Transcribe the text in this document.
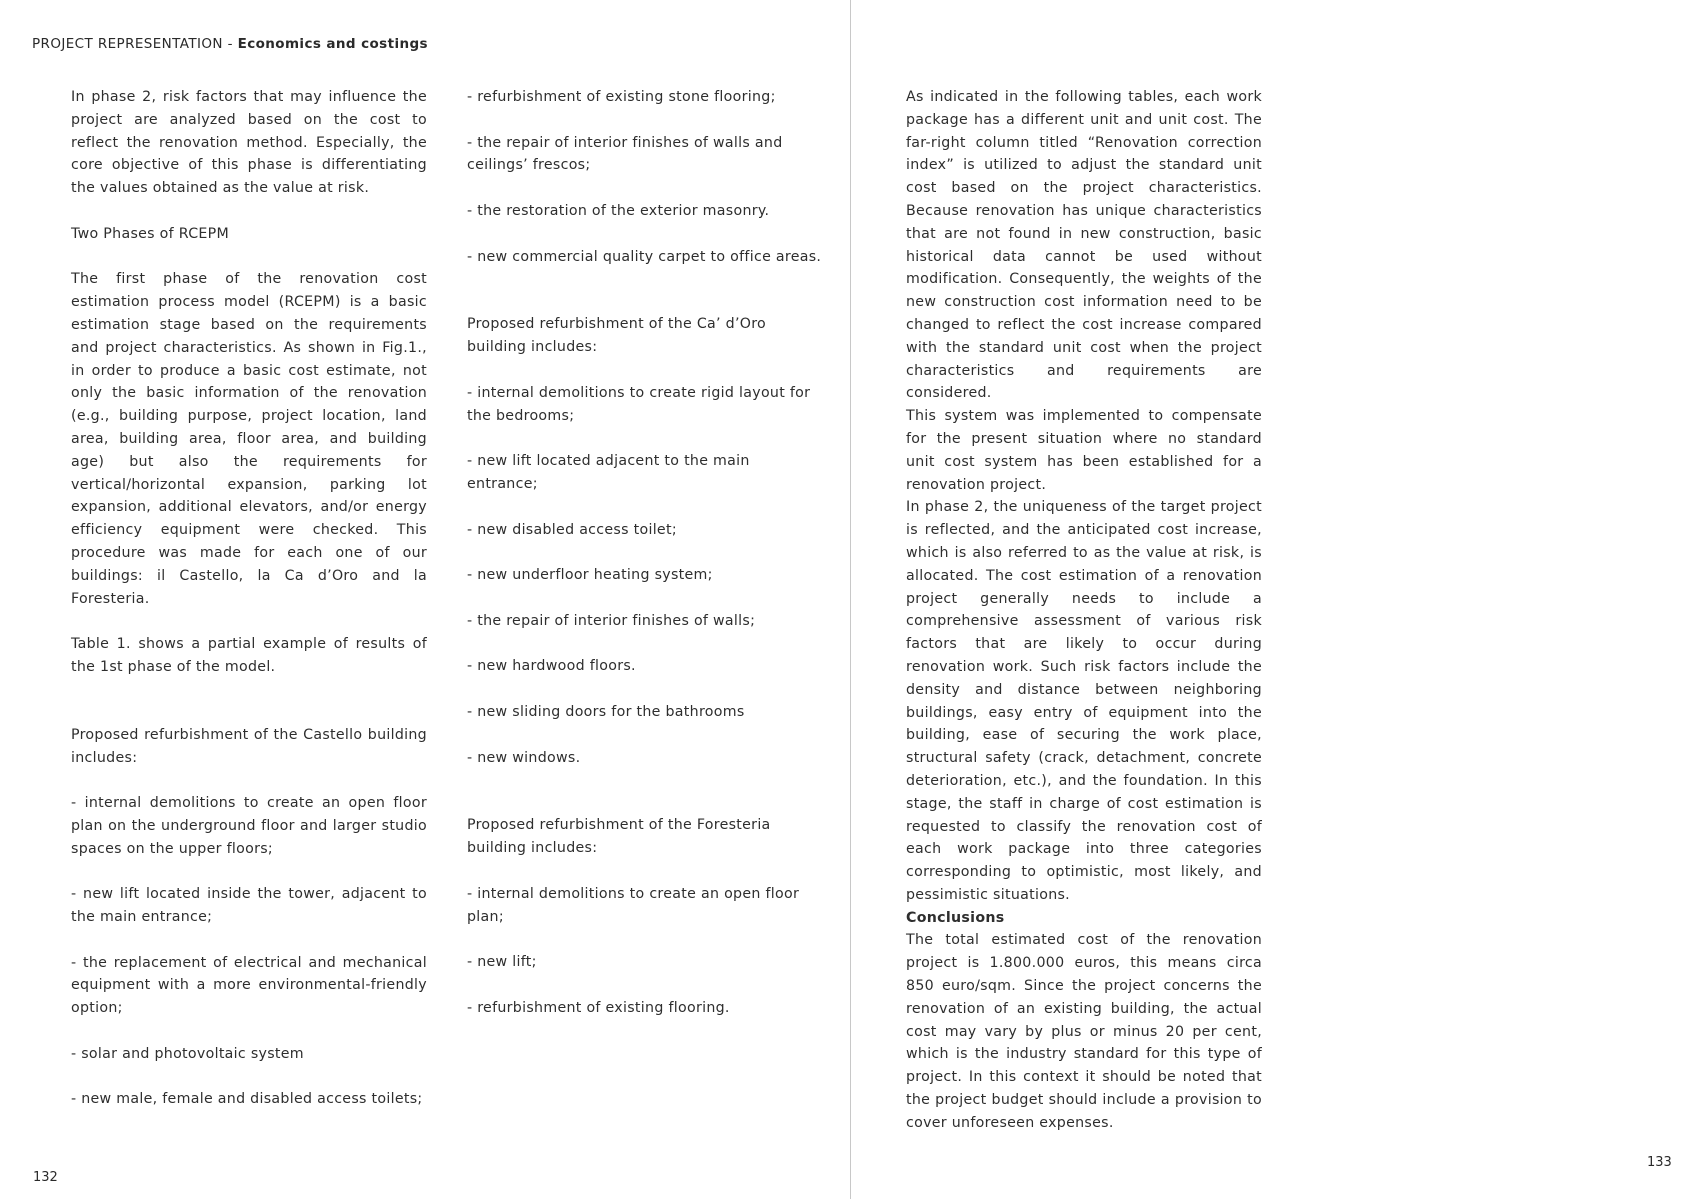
PROJECT REPRESENTATION - Economics and costings

In phase 2, risk factors that may influence the project are analyzed based on the cost to reflect the renovation method. Especially, the core objective of this phase is differentiating the values obtained as the value at risk.

Two Phases of RCEPM

The first phase of the renovation cost estimation process model (RCEPM) is a basic estimation stage based on the requirements and project characteristics. As shown in Fig.1., in order to produce a basic cost estimate, not only the basic information of the renovation (e.g., building purpose, project location, land area, building area, floor area, and building age) but also the requirements for vertical/horizontal expansion, parking lot expansion, additional elevators, and/or energy efficiency equipment were checked. This procedure was made for each one of our buildings: il Castello, la Ca d’Oro and la Foresteria.

Table 1. shows a partial example of results of the 1st phase of the model.

Proposed refurbishment of the Castello building includes:

- internal demolitions to create an open floor plan on the underground floor and larger studio spaces on the upper floors;

- new lift located inside the tower, adjacent to the main entrance;

- the replacement of electrical and mechanical equipment with a more environmental-friendly option;

- solar and photovoltaic system

- new male, female and disabled access toilets;

- refurbishment of existing stone flooring;

- the repair of interior finishes of walls and ceilings’ frescos;

- the restoration of the exterior masonry.

- new commercial quality carpet to office areas.

Proposed refurbishment of the Ca’ d’Oro building includes:

- internal demolitions to create rigid layout for the bedrooms;

- new lift located adjacent to the main entrance;

- new disabled access toilet;

- new underfloor heating system;

- the repair of interior finishes of walls;

- new hardwood floors.

- new sliding doors for the bathrooms

- new windows.

Proposed refurbishment of the Foresteria building includes:

- internal demolitions to create an open floor plan;

- new lift;

- refurbishment of existing flooring.

As indicated in the following tables, each work package has a different unit and unit cost. The far-right column titled “Renovation correction index” is utilized to adjust the standard unit cost based on the project characteristics. Because renovation has unique characteristics that are not found in new construction, basic historical data cannot be used without modification. Consequently, the weights of the new construction cost information need to be changed to reflect the cost increase compared with the standard unit cost when the project characteristics and requirements are considered.

This system was implemented to compensate for the present situation where no standard unit cost system has been established for a renovation project.

In phase 2, the uniqueness of the target project is reflected, and the anticipated cost increase, which is also referred to as the value at risk, is allocated. The cost estimation of a renovation project generally needs to include a comprehensive assessment of various risk factors that are likely to occur during renovation work. Such risk factors include the density and distance between neighboring buildings, easy entry of equipment into the building, ease of securing the work place, structural safety (crack, detachment, concrete deterioration, etc.), and the foundation. In this stage, the staff in charge of cost estimation is requested to classify the renovation cost of each work package into three categories corresponding to optimistic, most likely, and pessimistic situations.

Conclusions

The total estimated cost of the renovation project is 1.800.000 euros, this means circa 850 euro/sqm. Since the project concerns the renovation of an existing building, the actual cost may vary by plus or minus 20 per cent, which is the industry standard for this type of project. In this context it should be noted that the project budget should include a provision to cover unforeseen expenses.

132
133
